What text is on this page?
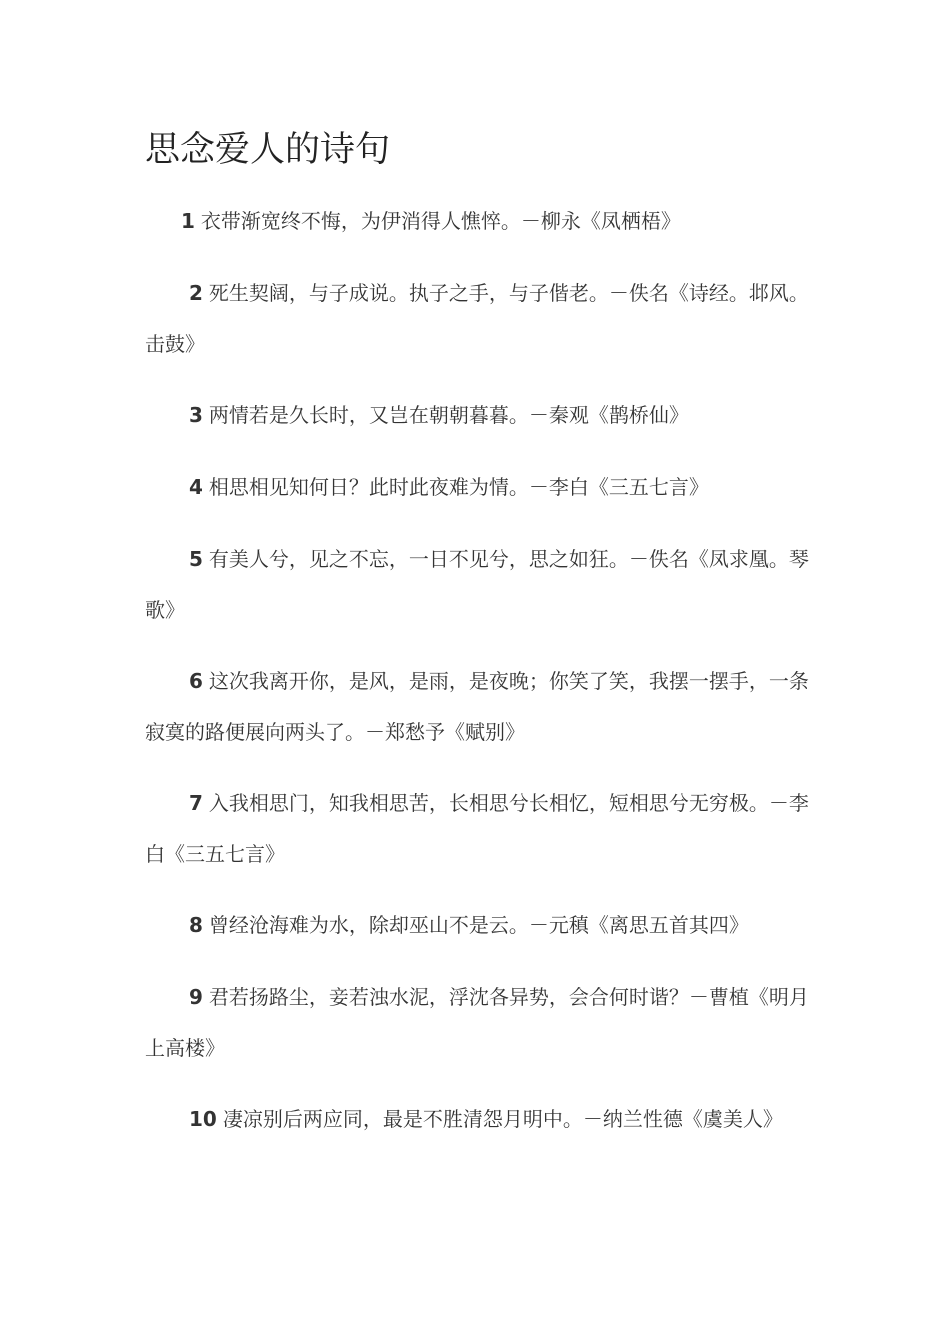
思念爱人的诗句

1 衣带渐宽终不悔，为伊消得人憔悴。－柳永《凤栖梧》

2 死生契阔，与子成说。执子之手，与子偕老。－佚名《诗经。邶风。击鼓》

3 两情若是久长时，又岂在朝朝暮暮。－秦观《鹊桥仙》

4 相思相见知何日？此时此夜难为情。－李白《三五七言》

5 有美人兮，见之不忘，一日不见兮，思之如狂。－佚名《凤求凰。琴歌》

6 这次我离开你，是风，是雨，是夜晚；你笑了笑，我摆一摆手，一条寂寞的路便展向两头了。－郑愁予《赋别》

7 入我相思门，知我相思苦，长相思兮长相忆，短相思兮无穷极。－李白《三五七言》

8 曾经沧海难为水，除却巫山不是云。－元稹《离思五首其四》

9 君若扬路尘，妾若浊水泥，浮沈各异势，会合何时谐？－曹植《明月上高楼》

10 凄凉别后两应同，最是不胜清怨月明中。－纳兰性德《虞美人》
